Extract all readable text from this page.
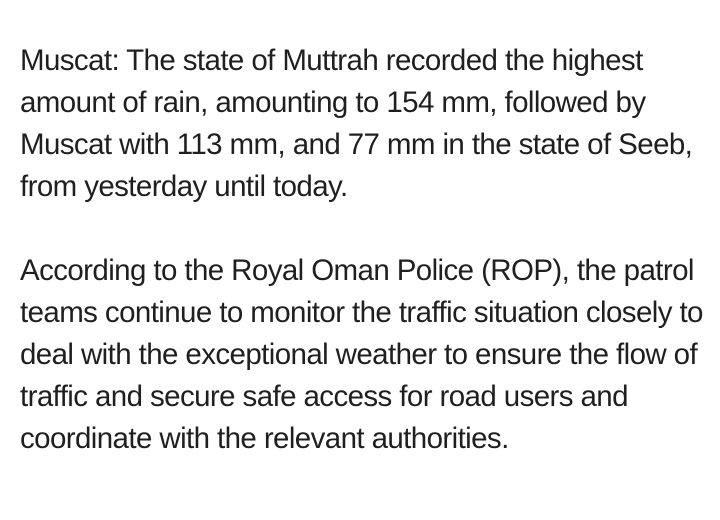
Muscat: The state of Muttrah recorded the highest amount of rain, amounting to 154 mm, followed by Muscat with 113 mm, and 77 mm in the state of Seeb, from yesterday until today.

According to the Royal Oman Police (ROP), the patrol teams continue to monitor the traffic situation closely to deal with the exceptional weather to ensure the flow of traffic and secure safe access for road users and coordinate with the relevant authorities.
